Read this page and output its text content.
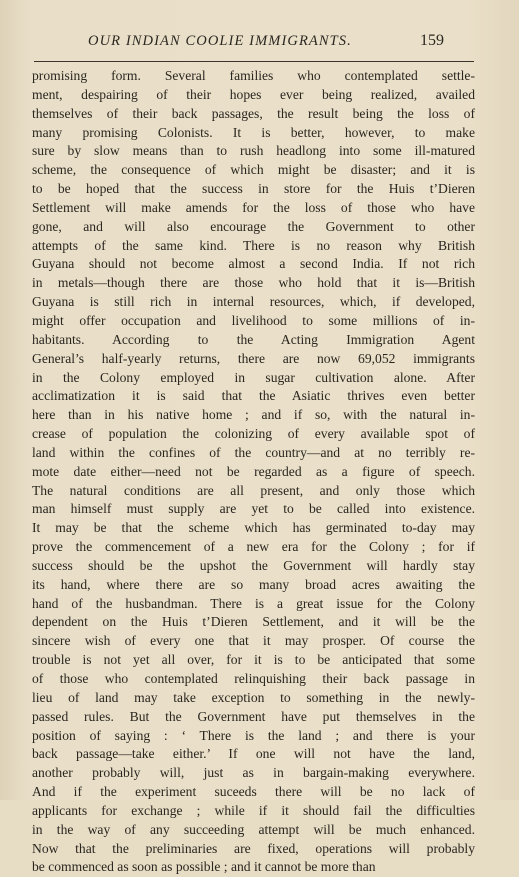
OUR INDIAN COOLIE IMMIGRANTS.	159
promising form. Several families who contemplated settle-
ment, despairing of their hopes ever being realized, availed
themselves of their back passages, the result being the loss of
many promising Colonists. It is better, however, to make
sure by slow means than to rush headlong into some ill-matured
scheme, the consequence of which might be disaster; and it is
to be hoped that the success in store for the Huis t’Dieren
Settlement will make amends for the loss of those who have
gone, and will also encourage the Government to other
attempts of the same kind. There is no reason why British
Guyana should not become almost a second India. If not rich
in metals—though there are those who hold that it is—British
Guyana is still rich in internal resources, which, if developed,
might offer occupation and livelihood to some millions of in-
habitants. According to the Acting Immigration Agent
General’s half-yearly returns, there are now 69,052 immigrants
in the Colony employed in sugar cultivation alone. After
acclimatization it is said that the Asiatic thrives even better
here than in his native home ; and if so, with the natural in-
crease of population the colonizing of every available spot of
land within the confines of the country—and at no terribly re-
mote date either—need not be regarded as a figure of speech.
The natural conditions are all present, and only those which
man himself must supply are yet to be called into existence.
It may be that the scheme which has germinated to-day may
prove the commencement of a new era for the Colony ; for if
success should be the upshot the Government will hardly stay
its hand, where there are so many broad acres awaiting the
hand of the husbandman. There is a great issue for the Colony
dependent on the Huis t’Dieren Settlement, and it will be the
sincere wish of every one that it may prosper. Of course the
trouble is not yet all over, for it is to be anticipated that some
of those who contemplated relinquishing their back passage in
lieu of land may take exception to something in the newly-
passed rules. But the Government have put themselves in the
position of saying : ‘ There is the land ; and there is your
back passage—take either.’ If one will not have the land,
another probably will, just as in bargain-making everywhere.
And if the experiment suceeds there will be no lack of
applicants for exchange ; while if it should fail the difficulties
in the way of any succeeding attempt will be much enhanced.
Now that the preliminaries are fixed, operations will probably
be commenced as soon as possible ; and it cannot be more than
